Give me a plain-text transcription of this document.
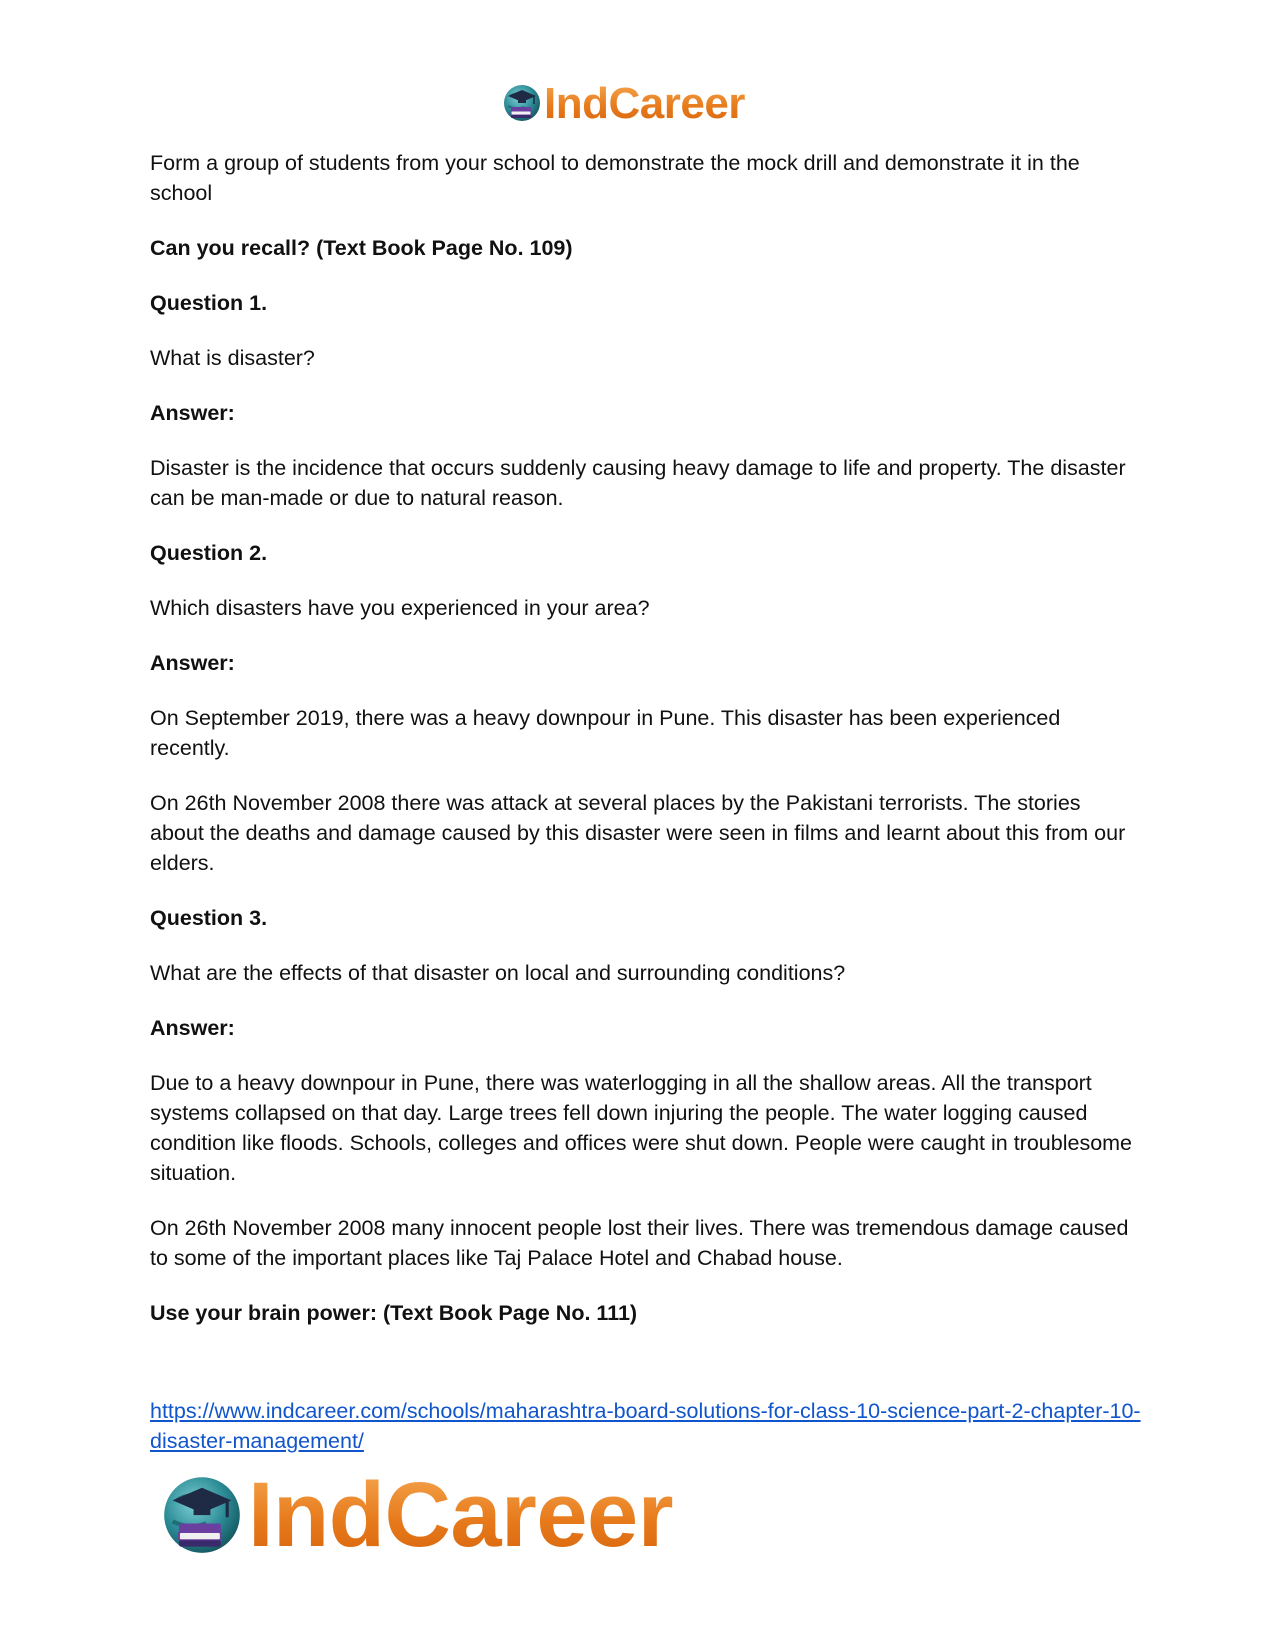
IndCareer

Form a group of students from your school to demonstrate the mock drill and demonstrate it in the school

Can you recall? (Text Book Page No. 109)

Question 1.

What is disaster?

Answer:

Disaster is the incidence that occurs suddenly causing heavy damage to life and property. The disaster can be man-made or due to natural reason.

Question 2.

Which disasters have you experienced in your area?

Answer:

On September 2019, there was a heavy downpour in Pune. This disaster has been experienced recently.

On 26th November 2008 there was attack at several places by the Pakistani terrorists. The stories about the deaths and damage caused by this disaster were seen in films and learnt about this from our elders.

Question 3.

What are the effects of that disaster on local and surrounding conditions?

Answer:

Due to a heavy downpour in Pune, there was waterlogging in all the shallow areas. All the transport systems collapsed on that day. Large trees fell down injuring the people. The water logging caused condition like floods. Schools, colleges and offices were shut down. People were caught in troublesome situation.

On 26th November 2008 many innocent people lost their lives. There was tremendous damage caused to some of the important places like Taj Palace Hotel and Chabad house.

Use your brain power: (Text Book Page No. 111)

https://www.indcareer.com/schools/maharashtra-board-solutions-for-class-10-science-part-2-chapter-10-disaster-management/
IndCareer
